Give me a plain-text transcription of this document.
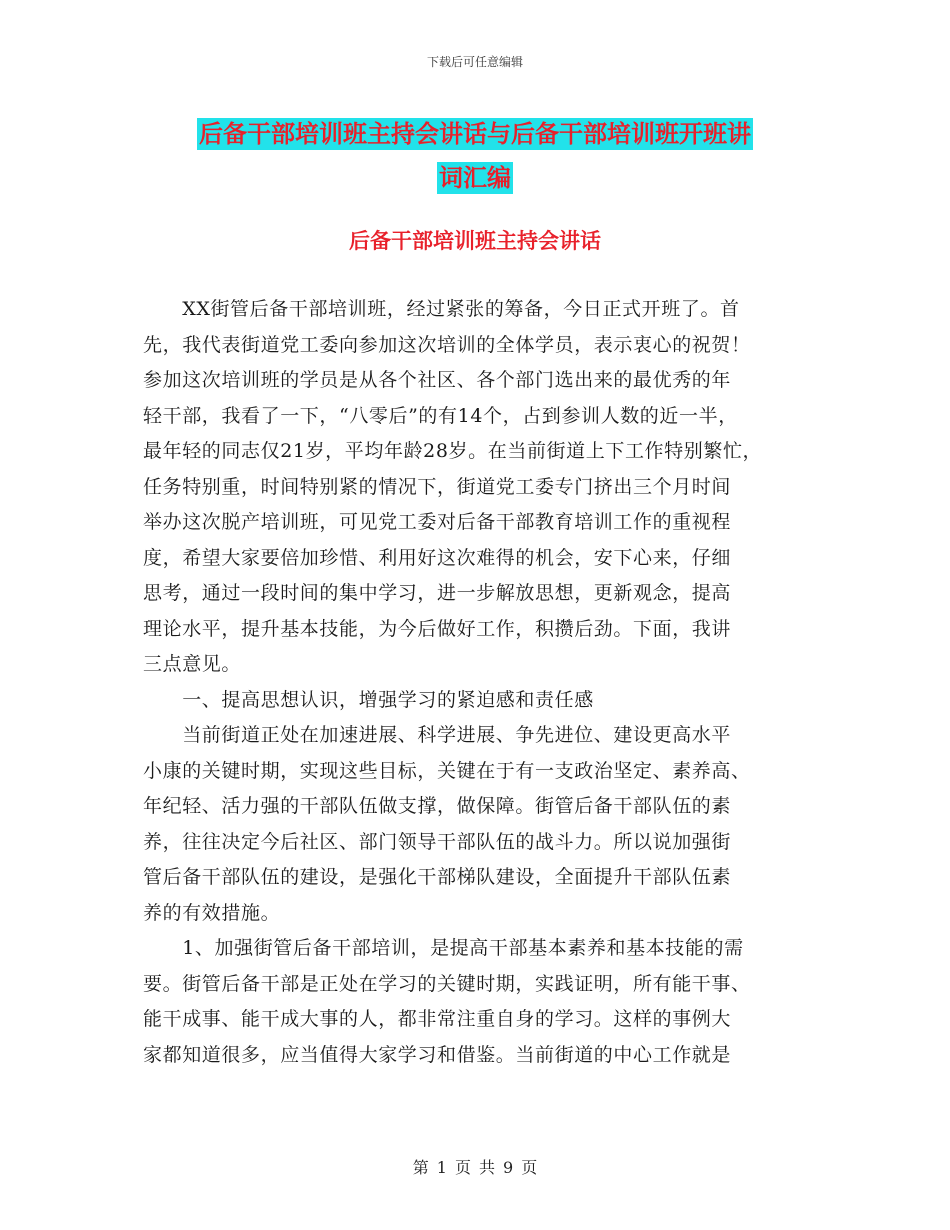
下载后可任意编辑
后备干部培训班主持会讲话与后备干部培训班开班讲
词汇编
后备干部培训班主持会讲话
　　XX街管后备干部培训班，经过紧张的筹备，今日正式开班了。首
先，我代表街道党工委向参加这次培训的全体学员，表示衷心的祝贺！
参加这次培训班的学员是从各个社区、各个部门选出来的最优秀的年
轻干部，我看了一下，“八零后”的有14个，占到参训人数的近一半，
最年轻的同志仅21岁，平均年龄28岁。在当前街道上下工作特别繁忙，
任务特别重，时间特别紧的情况下，街道党工委专门挤出三个月时间
举办这次脱产培训班，可见党工委对后备干部教育培训工作的重视程
度，希望大家要倍加珍惜、利用好这次难得的机会，安下心来，仔细
思考，通过一段时间的集中学习，进一步解放思想，更新观念，提高
理论水平，提升基本技能，为今后做好工作，积攒后劲。下面，我讲
三点意见。
　　一、提高思想认识，增强学习的紧迫感和责任感
　　当前街道正处在加速进展、科学进展、争先进位、建设更高水平
小康的关键时期，实现这些目标，关键在于有一支政治坚定、素养高、
年纪轻、活力强的干部队伍做支撑，做保障。街管后备干部队伍的素
养，往往决定今后社区、部门领导干部队伍的战斗力。所以说加强街
管后备干部队伍的建设，是强化干部梯队建设，全面提升干部队伍素
养的有效措施。
　　1、加强街管后备干部培训，是提高干部基本素养和基本技能的需
要。街管后备干部是正处在学习的关键时期，实践证明，所有能干事、
能干成事、能干成大事的人，都非常注重自身的学习。这样的事例大
家都知道很多，应当值得大家学习和借鉴。当前街道的中心工作就是
第 1 页 共 9 页
